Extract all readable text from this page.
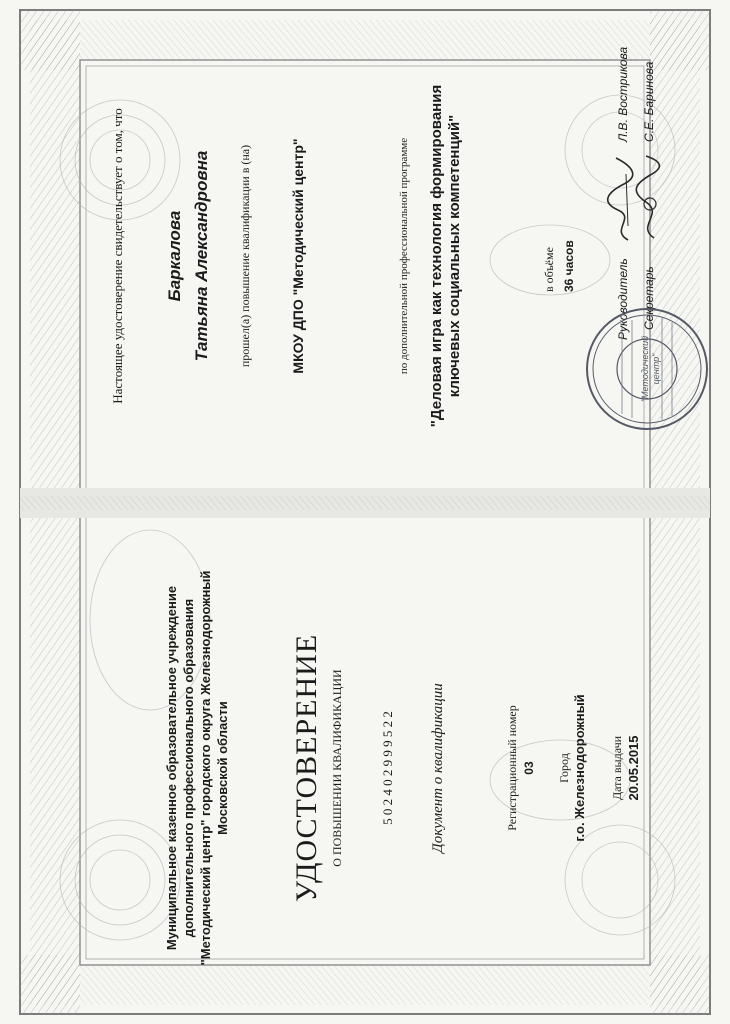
Муниципальное казенное образовательное учреждение дополнительного профессионального образования "Методический центр" городского округа Железнодорожный Московской области УДОСТОВЕРЕНИЕ О ПОВЫШЕНИИ КВАЛИФИКАЦИИ	5 0 2 4 0 2 9 9 9 5 2 2 Документ о квалификации	Регистрационный номер 03 Город г.о. Железнодорожный Дата выдачи 20.05.2015
Настоящее удостоверение свидетельствует о том, что Баркалова Татьяна Александровна прошел(а) повышение квалификации в (на)	МКОУ ДПО "Методический центр"	по дополнительной профессиональной программе "Деловая игра как технология формирования ключевых социальных компетенций"	в объёме 36 часов	Руководитель Секретарь
Л.В. Вострикова С.Е. Баринова
"Методический центр"
